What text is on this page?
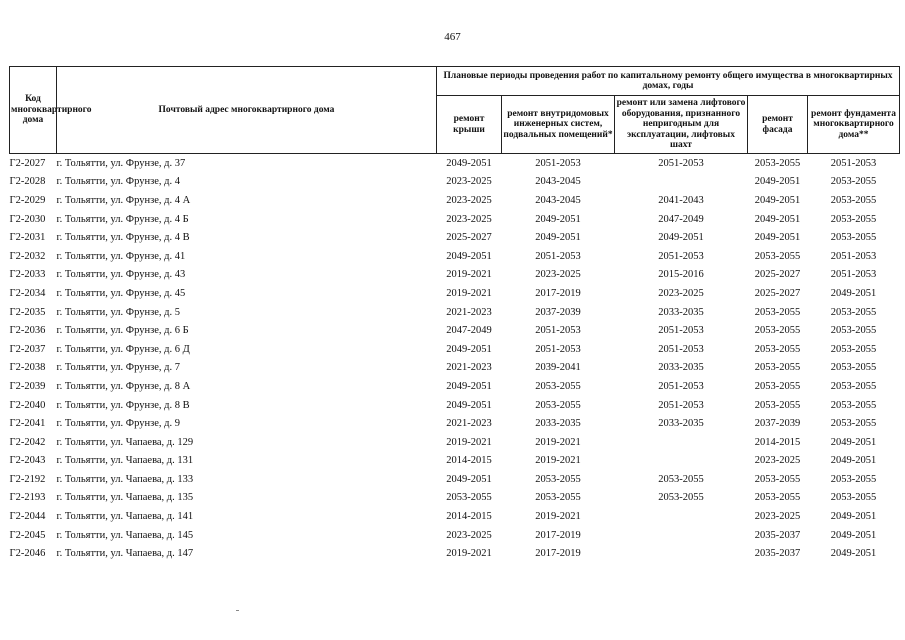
467
Код многоквартирного дома	Почтовый адрес многоквартирного дома	Плановые периоды проведения работ по капитальному ремонту общего имущества в многоквартирных домах, годы				
		ремонт крыши	ремонт внутридомовых инженерных систем, подвальных помещений*	ремонт или замена лифтового оборудования, признанного непригодным для эксплуатации, лифтовых шахт	ремонт фасада	ремонт фундамента многоквартирного дома**
Г2-2027	г. Тольятти, ул. Фрунзе, д. 37	2049-2051	2051-2053	2051-2053	2053-2055	2051-2053
Г2-2028	г. Тольятти, ул. Фрунзе, д. 4	2023-2025	2043-2045		2049-2051	2053-2055
Г2-2029	г. Тольятти, ул. Фрунзе, д. 4 А	2023-2025	2043-2045	2041-2043	2049-2051	2053-2055
Г2-2030	г. Тольятти, ул. Фрунзе, д. 4 Б	2023-2025	2049-2051	2047-2049	2049-2051	2053-2055
Г2-2031	г. Тольятти, ул. Фрунзе, д. 4 В	2025-2027	2049-2051	2049-2051	2049-2051	2053-2055
Г2-2032	г. Тольятти, ул. Фрунзе, д. 41	2049-2051	2051-2053	2051-2053	2053-2055	2051-2053
Г2-2033	г. Тольятти, ул. Фрунзе, д. 43	2019-2021	2023-2025	2015-2016	2025-2027	2051-2053
Г2-2034	г. Тольятти, ул. Фрунзе, д. 45	2019-2021	2017-2019	2023-2025	2025-2027	2049-2051
Г2-2035	г. Тольятти, ул. Фрунзе, д. 5	2021-2023	2037-2039	2033-2035	2053-2055	2053-2055
Г2-2036	г. Тольятти, ул. Фрунзе, д. 6 Б	2047-2049	2051-2053	2051-2053	2053-2055	2053-2055
Г2-2037	г. Тольятти, ул. Фрунзе, д. 6 Д	2049-2051	2051-2053	2051-2053	2053-2055	2053-2055
Г2-2038	г. Тольятти, ул. Фрунзе, д. 7	2021-2023	2039-2041	2033-2035	2053-2055	2053-2055
Г2-2039	г. Тольятти, ул. Фрунзе, д. 8 А	2049-2051	2053-2055	2051-2053	2053-2055	2053-2055
Г2-2040	г. Тольятти, ул. Фрунзе, д. 8 В	2049-2051	2053-2055	2051-2053	2053-2055	2053-2055
Г2-2041	г. Тольятти, ул. Фрунзе, д. 9	2021-2023	2033-2035	2033-2035	2037-2039	2053-2055
Г2-2042	г. Тольятти, ул. Чапаева, д. 129	2019-2021	2019-2021		2014-2015	2049-2051
Г2-2043	г. Тольятти, ул. Чапаева, д. 131	2014-2015	2019-2021		2023-2025	2049-2051
Г2-2192	г. Тольятти, ул. Чапаева, д. 133	2049-2051	2053-2055	2053-2055	2053-2055	2053-2055
Г2-2193	г. Тольятти, ул. Чапаева, д. 135	2053-2055	2053-2055	2053-2055	2053-2055	2053-2055
Г2-2044	г. Тольятти, ул. Чапаева, д. 141	2014-2015	2019-2021		2023-2025	2049-2051
Г2-2045	г. Тольятти, ул. Чапаева, д. 145	2023-2025	2017-2019		2035-2037	2049-2051
Г2-2046	г. Тольятти, ул. Чапаева, д. 147	2019-2021	2017-2019		2035-2037	2049-2051
